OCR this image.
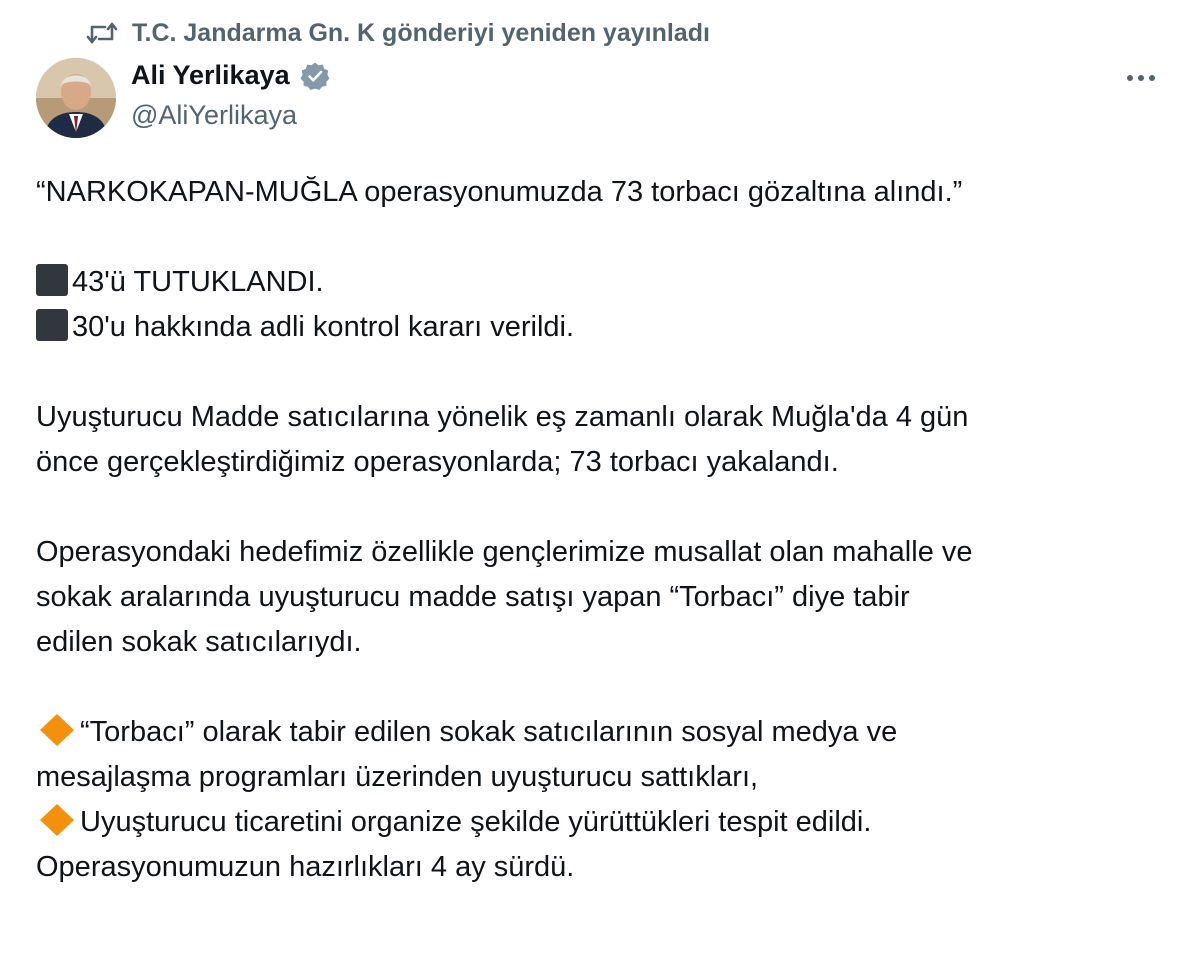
T.C. Jandarma Gn. K gönderiyi yeniden yayınladı
Ali Yerlikaya
@AliYerlikaya

“NARKOKAPAN-MUĞLA operasyonumuzda 73 torbacı gözaltına alındı.”

43'ü TUTUKLANDI.

30'u hakkında adli kontrol kararı verildi.

Uyuşturucu Madde satıcılarına yönelik eş zamanlı olarak Muğla'da 4 gün

önce gerçekleştirdiğimiz operasyonlarda; 73 torbacı yakalandı.

Operasyondaki hedefimiz özellikle gençlerimize musallat olan mahalle ve

sokak aralarında uyuşturucu madde satışı yapan “Torbacı” diye tabir

edilen sokak satıcılarıydı.

“Torbacı” olarak tabir edilen sokak satıcılarının sosyal medya ve

mesajlaşma programları üzerinden uyuşturucu sattıkları,

Uyuşturucu ticaretini organize şekilde yürüttükleri tespit edildi.

Operasyonumuzun hazırlıkları 4 ay sürdü.
